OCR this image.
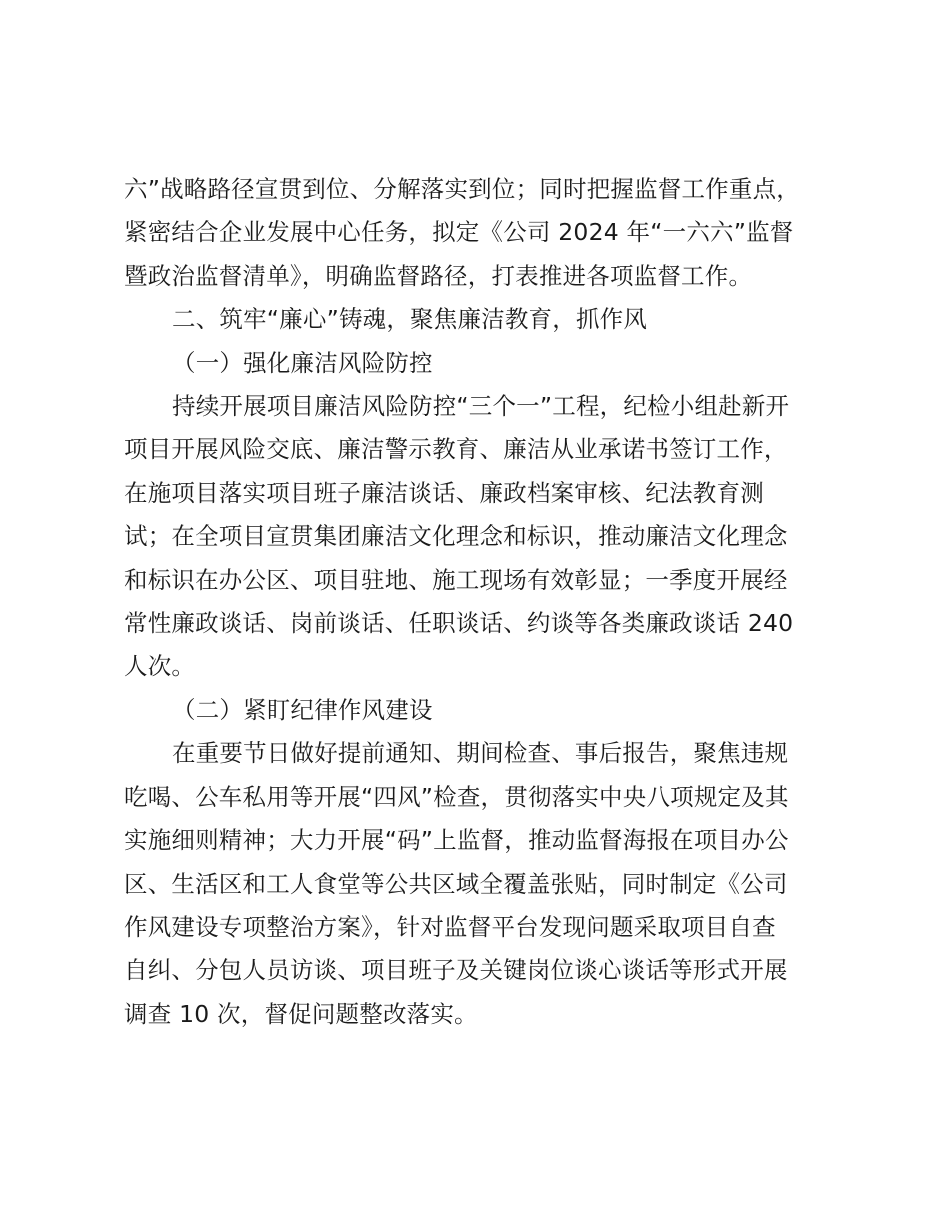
六”战略路径宣贯到位、分解落实到位；同时把握监督工作重点，
紧密结合企业发展中心任务，拟定《公司 2024 年“一六六”监督
暨政治监督清单》，明确监督路径，打表推进各项监督工作。
二、筑牢“廉心”铸魂，聚焦廉洁教育，抓作风
（一）强化廉洁风险防控
持续开展项目廉洁风险防控“三个一”工程，纪检小组赴新开
项目开展风险交底、廉洁警示教育、廉洁从业承诺书签订工作，
在施项目落实项目班子廉洁谈话、廉政档案审核、纪法教育测
试；在全项目宣贯集团廉洁文化理念和标识，推动廉洁文化理念
和标识在办公区、项目驻地、施工现场有效彰显；一季度开展经
常性廉政谈话、岗前谈话、任职谈话、约谈等各类廉政谈话 240
人次。
（二）紧盯纪律作风建设
在重要节日做好提前通知、期间检查、事后报告，聚焦违规
吃喝、公车私用等开展“四风”检查，贯彻落实中央八项规定及其
实施细则精神；大力开展“码”上监督，推动监督海报在项目办公
区、生活区和工人食堂等公共区域全覆盖张贴，同时制定《公司
作风建设专项整治方案》，针对监督平台发现问题采取项目自查
自纠、分包人员访谈、项目班子及关键岗位谈心谈话等形式开展
调查 10 次，督促问题整改落实。
